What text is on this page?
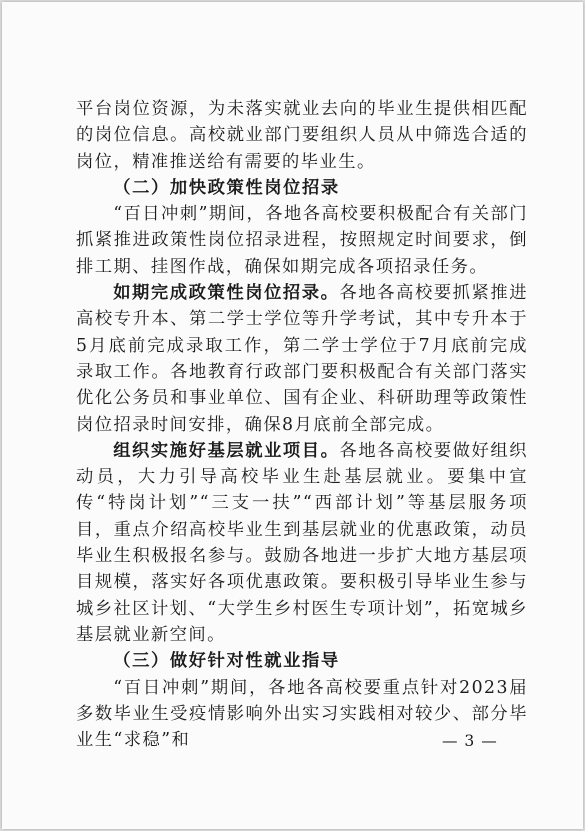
平台岗位资源，为未落实就业去向的毕业生提供相匹配的岗位信息。高校就业部门要组织人员从中筛选合适的岗位，精准推送给有需要的毕业生。

（二）加快政策性岗位招录

“百日冲刺”期间，各地各高校要积极配合有关部门抓紧推进政策性岗位招录进程，按照规定时间要求，倒排工期、挂图作战，确保如期完成各项招录任务。

如期完成政策性岗位招录。各地各高校要抓紧推进高校专升本、第二学士学位等升学考试，其中专升本于5月底前完成录取工作，第二学士学位于7月底前完成录取工作。各地教育行政部门要积极配合有关部门落实优化公务员和事业单位、国有企业、科研助理等政策性岗位招录时间安排，确保8月底前全部完成。

组织实施好基层就业项目。各地各高校要做好组织动员，大力引导高校毕业生赴基层就业。要集中宣传“特岗计划”“三支一扶”“西部计划”等基层服务项目，重点介绍高校毕业生到基层就业的优惠政策，动员毕业生积极报名参与。鼓励各地进一步扩大地方基层项目规模，落实好各项优惠政策。要积极引导毕业生参与城乡社区计划、“大学生乡村医生专项计划”，拓宽城乡基层就业新空间。

（三）做好针对性就业指导

“百日冲刺”期间，各地各高校要重点针对2023届多数毕业生受疫情影响外出实习实践相对较少、部分毕业生“求稳”和	— 3 —
